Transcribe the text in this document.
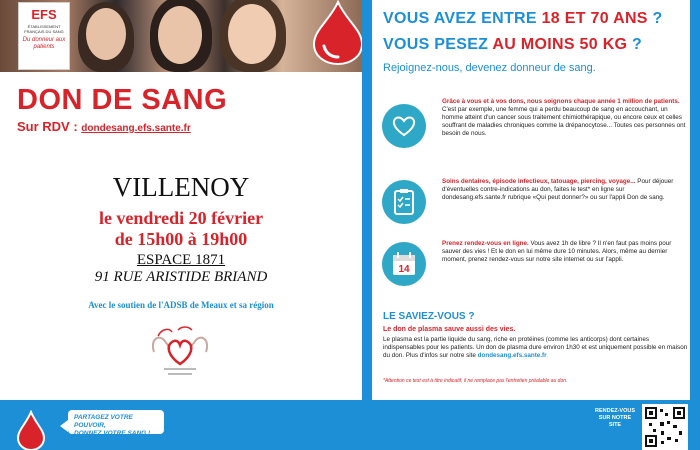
EFS
ÉTABLISSEMENT FRANÇAIS DU SANG
Du donneur aux patients
DON DE SANG
Sur RDV : dondesang.efs.sante.fr
VILLENOY
le vendredi 20 février
de 15h00 à 19h00
ESPACE 1871
91 RUE ARISTIDE BRIAND
Avec le soutien de l'ADSB de Meaux et sa région
VOUS AVEZ ENTRE 18 ET 70 ANS ?
VOUS PESEZ AU MOINS 50 KG ?
Rejoignez-nous, devenez donneur de sang.
Grâce à vous et à vos dons, nous soignons chaque année 1 million de patients. C'est par exemple, une femme qui a perdu beaucoup de sang en accouchant, un homme atteint d'un cancer sous traitement chimiothérapique, ou encore ceux et celles souffrant de maladies chroniques comme la drépanocytose... Toutes ces personnes ont besoin de nous.
Soins dentaires, épisode infectieux, tatouage, piercing, voyage... Pour déjouer d'éventuelles contre-indications au don, faites le test* en ligne sur dondesang.efs.sante.fr rubrique «Qui peut donner?» ou sur l'appli Don de sang.
14
Prenez rendez-vous en ligne. Vous avez 1h de libre ? Il n'en faut pas moins pour sauver des vies ! Et le don en lui même dure 10 minutes. Alors, même au dernier moment, prenez rendez-vous sur notre site internet ou sur l'appli.
LE SAVIEZ-VOUS ?
Le don de plasma sauve aussi des vies.
Le plasma est la partie liquide du sang, riche en protéines (comme les anticorps) dont certaines indispensables pour les patients. Un don de plasma dure environ 1h30 et est uniquement possible en maison du don. Plus d'infos sur notre site dondesang.efs.sante.fr
*Attention ce test est à titre indicatif, il ne remplace pas l'entretien préalable au don.
PARTAGEZ VOTRE POUVOIR,
DONNEZ VOTRE SANG !
RENDEZ-VOUS SUR NOTRE SITE
